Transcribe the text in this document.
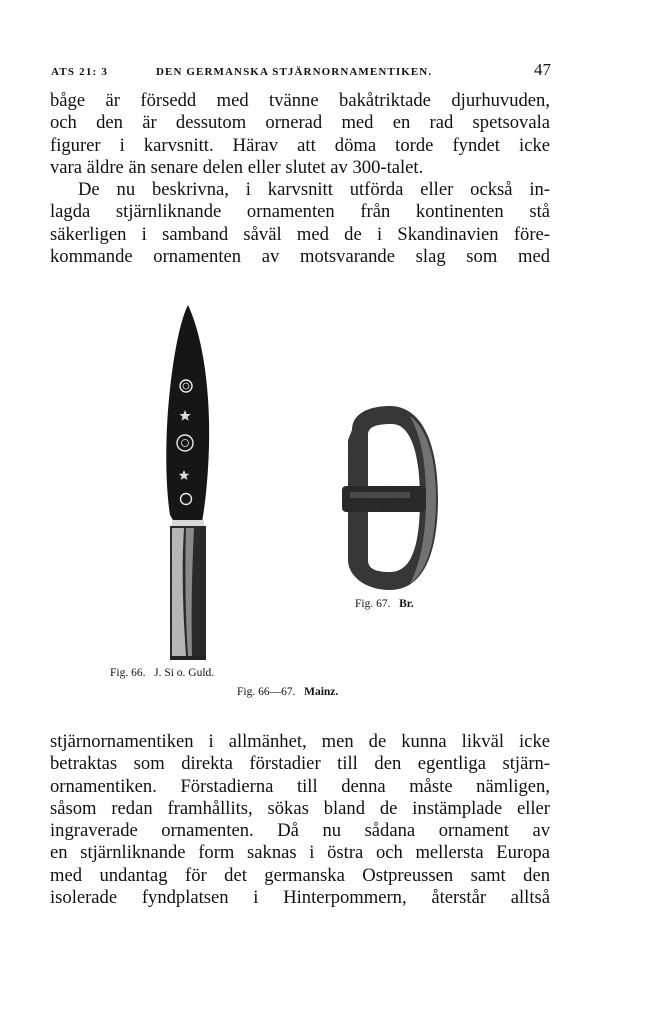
ATS 21: 3	DEN GERMANSKA STJÄRNORNAMENTIKEN.	47
båge är försedd med tvänne bakåtriktade djurhuvuden,
och den är dessutom ornerad med en rad spetsovala
figurer i karvsnitt. Härav att döma torde fyndet icke
vara äldre än senare delen eller slutet av 300-talet.
De nu beskrivna, i karvsnitt utförda eller också in-
lagda stjärnliknande ornamenten från kontinenten stå
säkerligen i samband såväl med de i Skandinavien före-
kommande ornamenten av motsvarande slag som med
Fig. 67. Br.
Fig. 66. J. Si o. Guld.
Fig. 66—67. Mainz.
stjärnornamentiken i allmänhet, men de kunna likväl icke
betraktas som direkta förstadier till den egentliga stjärn-
ornamentiken. Förstadierna till denna måste nämligen,
såsom redan framhållits, sökas bland de instämplade eller
ingraverade ornamenten. Då nu sådana ornament av
en stjärnliknande form saknas i östra och mellersta Europa
med undantag för det germanska Ostpreussen samt den
isolerade fyndplatsen i Hinterpommern, återstår alltså
